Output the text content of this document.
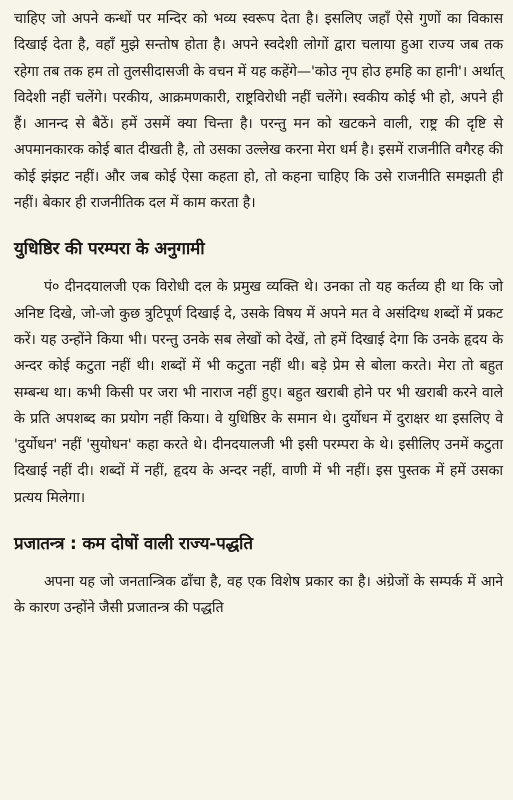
चाहिए जो अपने कन्धों पर मन्दिर को भव्य स्वरूप देता है। इसलिए जहाँ ऐसे गुणों का विकास दिखाई देता है, वहाँ मुझे सन्तोष होता है। अपने स्वदेशी लोगों द्वारा चलाया हुआ राज्य जब तक रहेगा तब तक हम तो तुलसीदासजी के वचन में यह कहेंगे—'कोउ नृप होउ हमहि का हानी'। अर्थात् विदेशी नहीं चलेंगे। परकीय, आक्रमणकारी, राष्ट्रविरोधी नहीं चलेंगे। स्वकीय कोई भी हो, अपने ही हैं। आनन्द से बैठें। हमें उसमें क्या चिन्ता है। परन्तु मन को खटकने वाली, राष्ट्र की दृष्टि से अपमानकारक कोई बात दीखती है, तो उसका उल्लेख करना मेरा धर्म है। इसमें राजनीति वगैरह की कोई झंझट नहीं। और जब कोई ऐसा कहता हो, तो कहना चाहिए कि उसे राजनीति समझती ही नहीं। बेकार ही राजनीतिक दल में काम करता है।

युधिष्ठिर की परम्परा के अनुगामी

पं० दीनदयालजी एक विरोधी दल के प्रमुख व्यक्ति थे। उनका तो यह कर्तव्य ही था कि जो अनिष्ट दिखे, जो-जो कुछ त्रुटिपूर्ण दिखाई दे, उसके विषय में अपने मत वे असंदिग्ध शब्दों में प्रकट करें। यह उन्होंने किया भी। परन्तु उनके सब लेखों को देखें, तो हमें दिखाई देगा कि उनके हृदय के अन्दर कोई कटुता नहीं थी। शब्दों में भी कटुता नहीं थी। बड़े प्रेम से बोला करते। मेरा तो बहुत सम्बन्ध था। कभी किसी पर जरा भी नाराज नहीं हुए। बहुत खराबी होने पर भी खराबी करने वाले के प्रति अपशब्द का प्रयोग नहीं किया। वे युधिष्ठिर के समान थे। दुर्योधन में दुराक्षर था इसलिए वे 'दुर्योधन' नहीं 'सुयोधन' कहा करते थे। दीनदयालजी भी इसी परम्परा के थे। इसीलिए उनमें कटुता दिखाई नहीं दी। शब्दों में नहीं, हृदय के अन्दर नहीं, वाणी में भी नहीं। इस पुस्तक में हमें उसका प्रत्यय मिलेगा।

प्रजातन्त्र : कम दोषों वाली राज्य-पद्धति

अपना यह जो जनतान्त्रिक ढाँचा है, वह एक विशेष प्रकार का है। अंग्रेजों के सम्पर्क में आने के कारण उन्होंने जैसी प्रजातन्त्र की पद्धति
